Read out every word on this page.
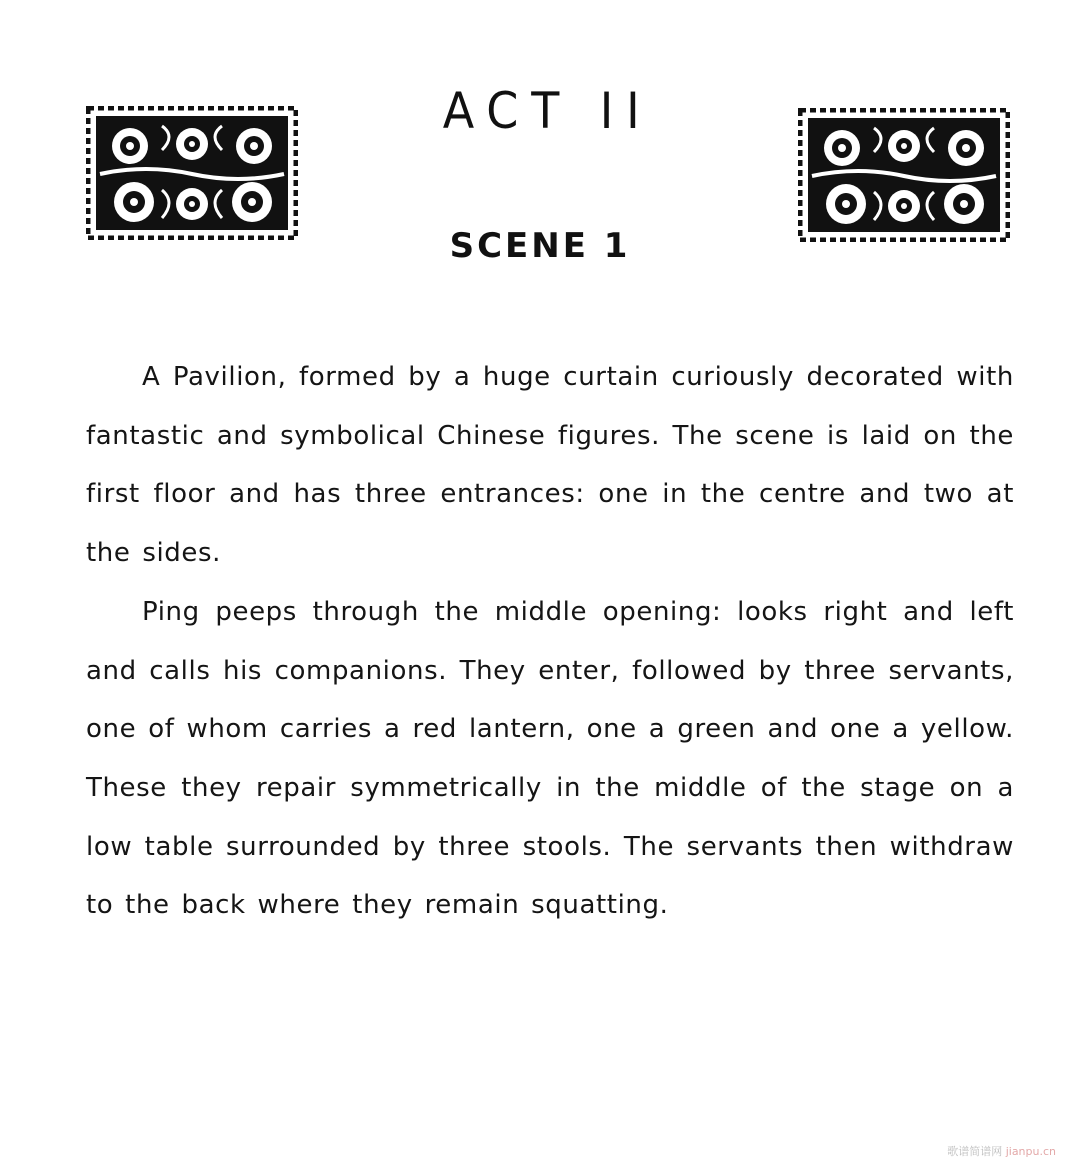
ACT II
SCENE 1

A Pavilion, formed by a huge curtain curiously decorated with fantastic and symbolical Chinese figures. The scene is laid on the first floor and has three entrances: one in the centre and two at the sides.

Ping peeps through the middle opening: looks right and left and calls his companions. They enter, followed by three servants, one of whom carries a red lantern, one a green and one a yellow. These they repair symmetrically in the middle of the stage on a low table surrounded by three stools. The servants then withdraw to the back where they remain squatting.

歌谱简谱网 jianpu.cn
